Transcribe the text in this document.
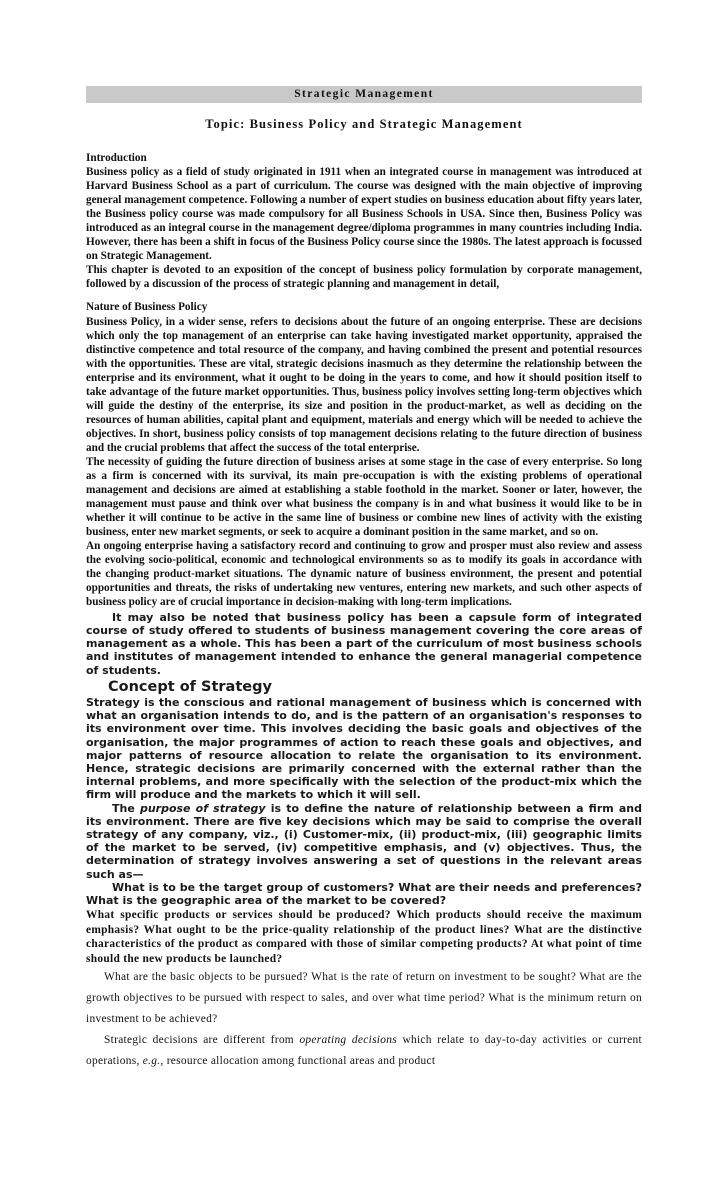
Strategic Management
Topic: Business Policy and Strategic Management
Introduction
Business policy as a field of study originated in 1911 when an integrated course in management was introduced at Harvard Business School as a part of curriculum. The course was designed with the main objective of improving general management competence. Following a number of expert studies on business education about fifty years later, the Business policy course was made compulsory for all Business Schools in USA. Since then, Business Policy was introduced as an integral course in the management degree/diploma programmes in many countries including India. However, there has been a shift in focus of the Business Policy course since the 1980s. The latest approach is focussed on Strategic Management.
This chapter is devoted to an exposition of the concept of business policy formulation by corporate management, followed by a discussion of the process of strategic planning and management in detail,
Nature of Business Policy
Business Policy, in a wider sense, refers to decisions about the future of an ongoing enterprise. These are decisions which only the top management of an enterprise can take having investigated market opportunity, appraised the distinctive competence and total resource of the company, and having combined the present and potential resources with the opportunities. These are vital, strategic decisions inasmuch as they determine the relationship between the enterprise and its environment, what it ought to be doing in the years to come, and how it should position itself to take advantage of the future market opportunities. Thus, business policy involves setting long-term objectives which will guide the destiny of the enterprise, its size and position in the product-market, as well as deciding on the resources of human abilities, capital plant and equipment, materials and energy which will be needed to achieve the objectives. In short, business policy consists of top management decisions relating to the future direction of business and the crucial problems that affect the success of the total enterprise.
The necessity of guiding the future direction of business arises at some stage in the case of every enterprise. So long as a firm is concerned with its survival, its main pre-occupation is with the existing problems of operational management and decisions are aimed at establishing a stable foothold in the market. Sooner or later, however, the management must pause and think over what business the company is in and what business it would like to be in whether it will continue to be active in the same line of business or combine new lines of activity with the existing business, enter new market segments, or seek to acquire a dominant position in the same market, and so on.
An ongoing enterprise having a satisfactory record and continuing to grow and prosper must also review and assess the evolving socio-political, economic and technological environments so as to modify its goals in accordance with the changing product-market situations. The dynamic nature of business environment, the present and potential opportunities and threats, the risks of undertaking new ventures, entering new markets, and such other aspects of business policy are of crucial importance in decision-making with long-term implications.

It may also be noted that business policy has been a capsule form of integrated course of study offered to students of business management covering the core areas of management as a whole. This has been a part of the curriculum of most business schools and institutes of management intended to enhance the general managerial competence of students.

Concept of Strategy

Strategy is the conscious and rational management of business which is concerned with what an organisation intends to do, and is the pattern of an organisation's responses to its environment over time. This involves deciding the basic goals and objectives of the organisation, the major programmes of action to reach these goals and objectives, and major patterns of resource allocation to relate the organisation to its environment. Hence, strategic decisions are primarily concerned with the external rather than the internal problems, and more specifically with the selection of the product-mix which the firm will produce and the markets to which it will sell.

The purpose of strategy is to define the nature of relationship between a firm and its environment. There are five key decisions which may be said to comprise the overall strategy of any company, viz., (i) Customer-mix, (ii) product-mix, (iii) geographic limits of the market to be served, (iv) competitive emphasis, and (v) objectives. Thus, the determination of strategy involves answering a set of questions in the relevant areas such as—

What is to be the target group of customers? What are their needs and preferences? What is the geographic area of the market to be covered?

What specific products or services should be produced? Which products should receive the maximum emphasis? What ought to be the price-quality relationship of the product lines? What are the distinctive characteristics of the product as compared with those of similar competing products? At what point of time should the new products be launched?

What are the basic objects to be pursued? What is the rate of return on investment to be sought? What are the growth objectives to be pursued with respect to sales, and over what time period? What is the minimum return on investment to be achieved?

Strategic decisions are different from operating decisions which relate to day-to-day activities or current operations, e.g., resource allocation among functional areas and product
